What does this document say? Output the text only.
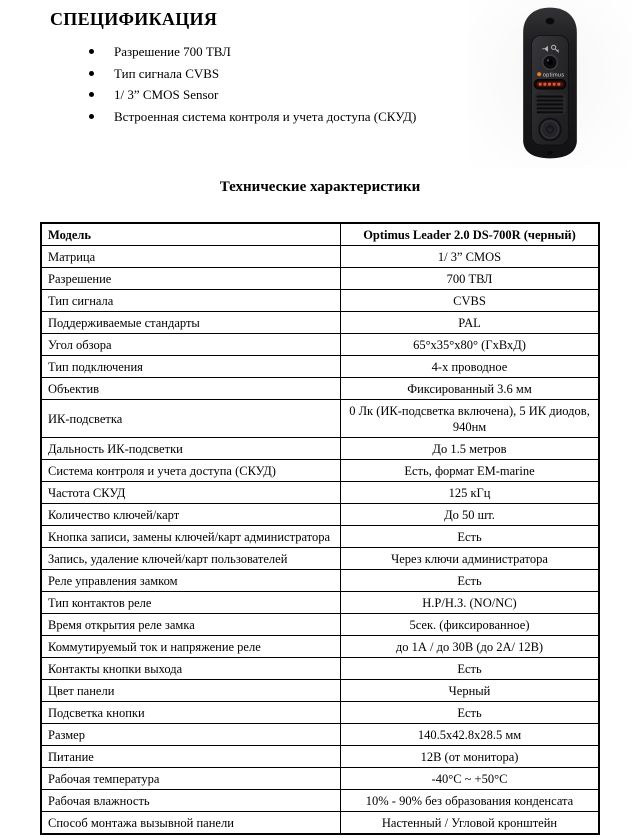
СПЕЦИФИКАЦИЯ
Разрешение 700 ТВЛ
Тип сигнала CVBS
1/ 3” CMOS Sensor
Встроенная система контроля и учета доступа (СКУД)
optimus
Технические характеристики
Модель	Optimus Leader 2.0 DS-700R (черный)
Матрица	1/ 3” CMOS
Разрешение	700 ТВЛ
Тип сигнала	CVBS
Поддерживаемые стандарты	PAL
Угол обзора	65°х35°х80° (ГхВхД)
Тип подключения	4-х проводное
Объектив	Фиксированный 3.6 мм
ИК-подсветка	0 Лк (ИК-подсветка включена), 5 ИК диодов, 940нм
Дальность ИК-подсветки	До 1.5 метров
Система контроля и учета доступа (СКУД)	Есть, формат EM-marine
Частота СКУД	125 кГц
Количество ключей/карт	До 50 шт.
Кнопка записи, замены ключей/карт администратора	Есть
Запись, удаление ключей/карт пользователей	Через ключи администратора
Реле управления замком	Есть
Тип контактов реле	Н.Р/Н.З. (NO/NC)
Время открытия реле замка	5сек. (фиксированное)
Коммутируемый ток и напряжение реле	до 1А / до 30В (до 2А/ 12В)
Контакты кнопки выхода	Есть
Цвет панели	Черный
Подсветка кнопки	Есть
Размер	140.5х42.8х28.5 мм
Питание	12В (от монитора)
Рабочая температура	-40°C ~ +50°C
Рабочая влажность	10% - 90% без образования конденсата
Способ монтажа вызывной панели	Настенный / Угловой кронштейн
